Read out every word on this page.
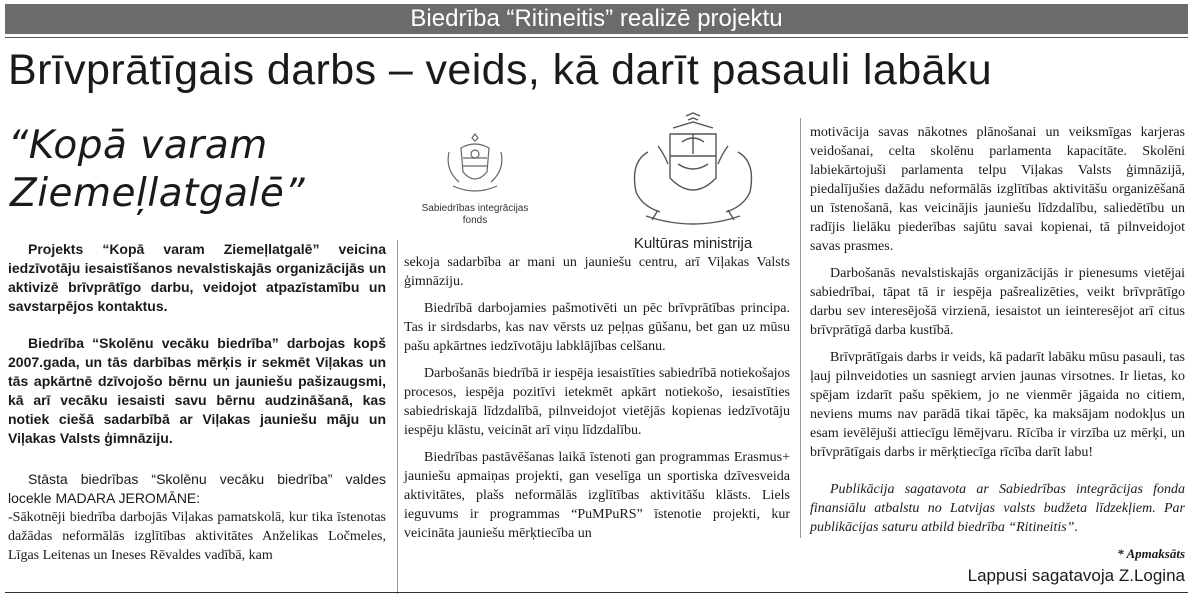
Biedrība “Ritineitis” realizē projektu
Brīvprātīgais darbs – veids, kā darīt pasauli labāku
“Kopā varam
Ziemeļlatgalē”	Sabiedrības integrācijas
fonds
Kultūras ministrija

Projekts “Kopā varam Ziemeļlatgalē” veicina iedzīvotāju iesaistīšanos nevalstiskajās organizācijās un aktivizē brīvprātīgo darbu, veidojot atpazīstamību un savstarpējos kontaktus.

Biedrība “Skolēnu vecāku biedrība” darbojas kopš 2007.gada, un tās darbības mērķis ir sekmēt Viļakas un tās apkārtnē dzīvojošo bērnu un jauniešu pašizaugsmi, kā arī vecāku iesaisti savu bērnu audzināšanā, kas notiek ciešā sadarbībā ar Viļakas jauniešu māju un Viļakas Valsts ģimnāziju.

Stāsta biedrības “Skolēnu vecāku biedrība” valdes locekle MADARA JEROMĀNE:

-Sākotnēji biedrība darbojās Viļakas pamatskolā, kur tika īstenotas dažādas neformālās izglītības aktivitātes Anželikas Ločmeles, Līgas Leitenas un Ineses Rēvaldes vadībā, kam

sekoja sadarbība ar mani un jauniešu centru, arī Viļakas Valsts ģimnāziju.

Biedrībā darbojamies pašmotivēti un pēc brīvprātības principa. Tas ir sirdsdarbs, kas nav vērsts uz peļņas gūšanu, bet gan uz mūsu pašu apkārtnes iedzīvotāju labklājības celšanu.

Darbošanās biedrībā ir iespēja iesaistīties sabiedrībā notiekošajos procesos, iespēja pozitīvi ietekmēt apkārt notiekošo, iesaistīties sabiedriskajā līdzdalībā, pilnveidojot vietējās kopienas iedzīvotāju iespēju klāstu, veicināt arī viņu līdzdalību.

Biedrības pastāvēšanas laikā īstenoti gan programmas Erasmus+ jauniešu apmaiņas projekti, gan veselīga un sportiska dzīvesveida aktivitātes, plašs neformālās izglītības aktivitāšu klāsts. Liels ieguvums ir programmas “PuMPuRS” īstenotie projekti, kur veicināta jauniešu mērķtiecība un

motivācija savas nākotnes plānošanai un veiksmīgas karjeras veidošanai, celta skolēnu parlamenta kapacitāte. Skolēni labiekārtojuši parlamenta telpu Viļakas Valsts ģimnāzijā, piedalījušies dažādu neformālās izglītības aktivitāšu organizēšanā un īstenošanā, kas veicinājis jauniešu līdzdalību, saliedētību un radījis lielāku piederības sajūtu savai kopienai, tā pilnveidojot savas prasmes.

Darbošanās nevalstiskajās organizācijās ir pienesums vietējai sabiedrībai, tāpat tā ir iespēja pašrealizēties, veikt brīvprātīgo darbu sev interesējošā virzienā, iesaistot un ieinteresējot arī citus brīvprātīgā darba kustībā.

Brīvprātīgais darbs ir veids, kā padarīt labāku mūsu pasauli, tas ļauj pilnveidoties un sasniegt arvien jaunas virsotnes. Ir lietas, ko spējam izdarīt pašu spēkiem, jo ne vienmēr jāgaida no citiem, neviens mums nav parādā tikai tāpēc, ka maksājam nodokļus un esam ievēlējuši attiecīgu lēmējvaru. Rīcība ir virzība uz mērķi, un brīvprātīgais darbs ir mērķtiecīga rīcība darīt labu!

Publikācija sagatavota ar Sabiedrības integrācijas fonda finansiālu atbalstu no Latvijas valsts budžeta līdzekļiem. Par publikācijas saturu atbild biedrība “Ritineitis”.

* Apmaksāts
Lappusi sagatavoja Z.Logina
